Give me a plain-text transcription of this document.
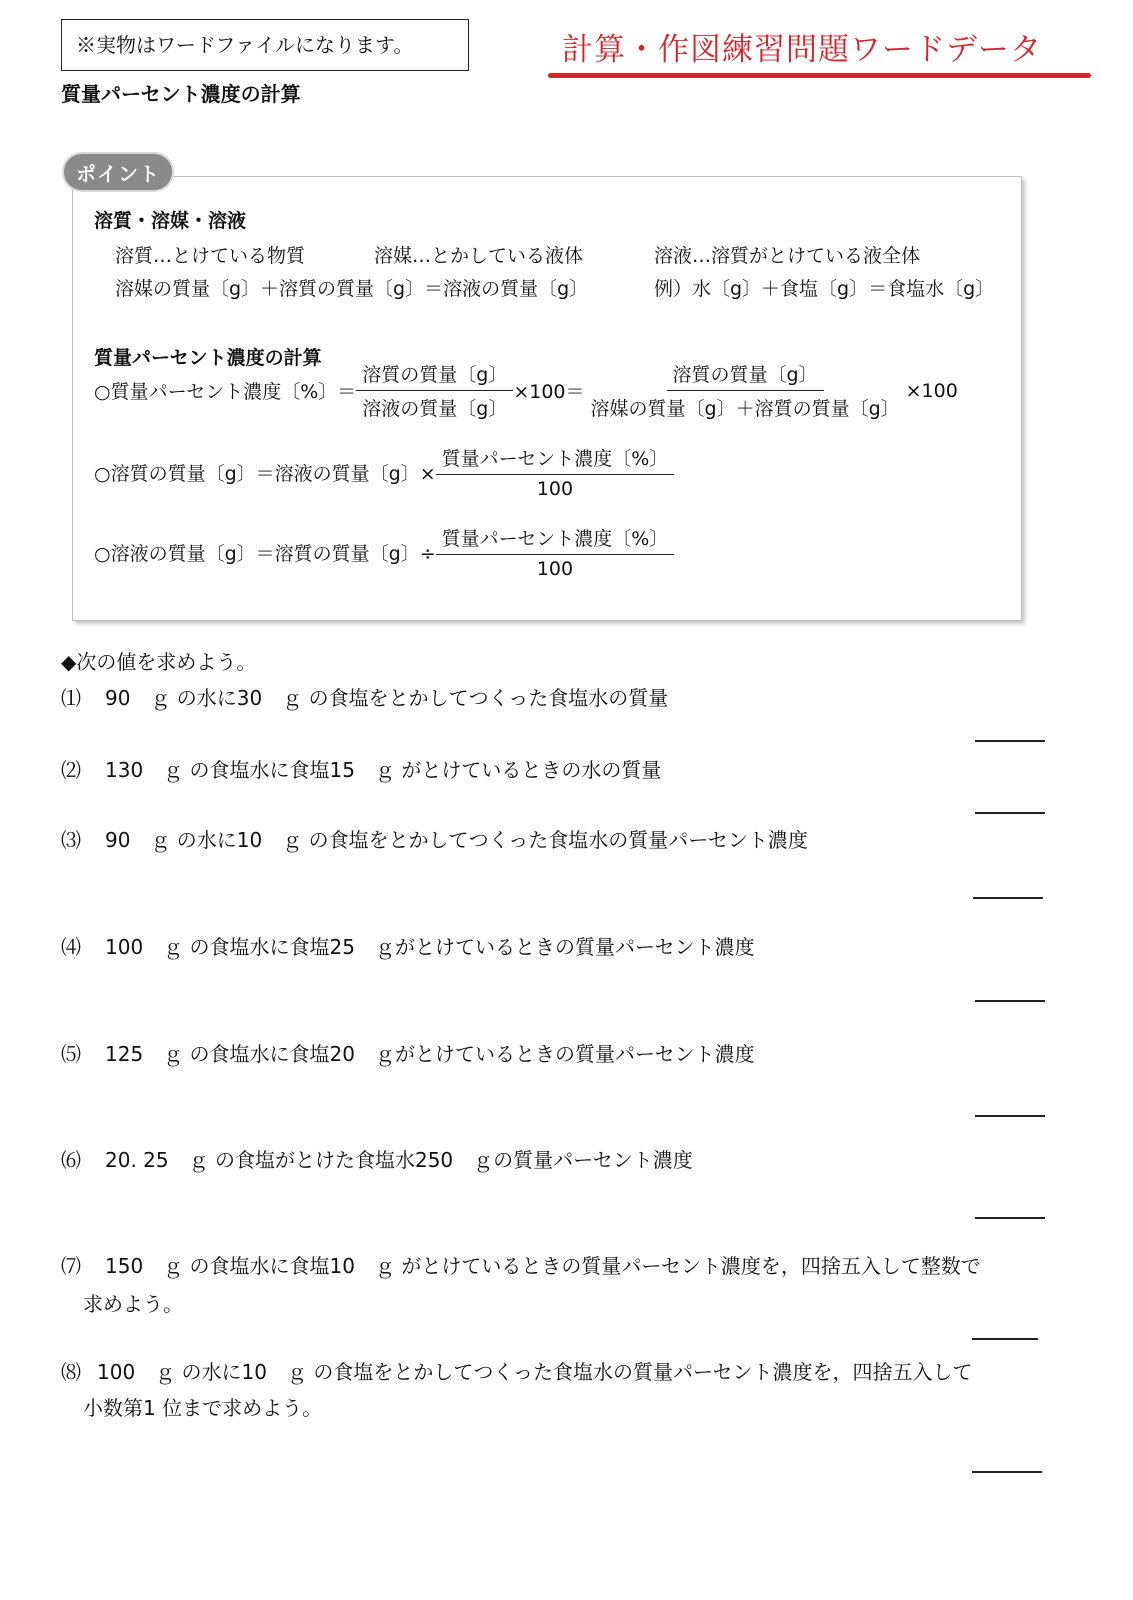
※実物はワードファイルになります。	計算・作図練習問題ワードデータ
質量パーセント濃度の計算
ポイント
溶質・溶媒・溶液
溶質…とけている物質	溶媒…とかしている液体	溶液…溶質がとけている液全体
溶媒の質量〔g〕＋溶質の質量〔g〕＝溶液の質量〔g〕	例）水〔g〕＋食塩〔g〕＝食塩水〔g〕
質量パーセント濃度の計算
○質量パーセント濃度〔%〕＝ $\frac{\text{溶質の質量〔g〕}}{\text{溶液の質量〔g〕}} \times 100= \frac{\text{溶質の質量〔g〕}}{\text{溶媒の質量〔g〕＋溶質の質量〔g〕}} \times 100$
○溶質の質量〔g〕＝溶液の質量〔g〕× $\frac{\text{質量パーセント濃度〔\%〕}}{100}$
○溶液の質量〔g〕＝溶質の質量〔g〕÷ $\frac{\text{質量パーセント濃度〔\%〕}}{100}$
◆次の値を求めよう。
⑴ 90　ｇ の水に30　ｇ の食塩をとかしてつくった食塩水の質量
⑵ 130　ｇ の食塩水に食塩15　ｇ がとけているときの水の質量
⑶ 90　ｇ の水に10　ｇ の食塩をとかしてつくった食塩水の質量パーセント濃度
⑷ 100　ｇ の食塩水に食塩25　ｇがとけているときの質量パーセント濃度
⑸ 125　ｇ の食塩水に食塩20　ｇがとけているときの質量パーセント濃度
⑹ 20. 25　ｇ の食塩がとけた食塩水250　ｇの質量パーセント濃度
⑺ 150　ｇ の食塩水に食塩10　ｇ がとけているときの質量パーセント濃度を，四捨五入して整数で
求めよう。
⑻ 100　ｇ の水に10　ｇ の食塩をとかしてつくった食塩水の質量パーセント濃度を，四捨五入して
小数第1 位まで求めよう。
